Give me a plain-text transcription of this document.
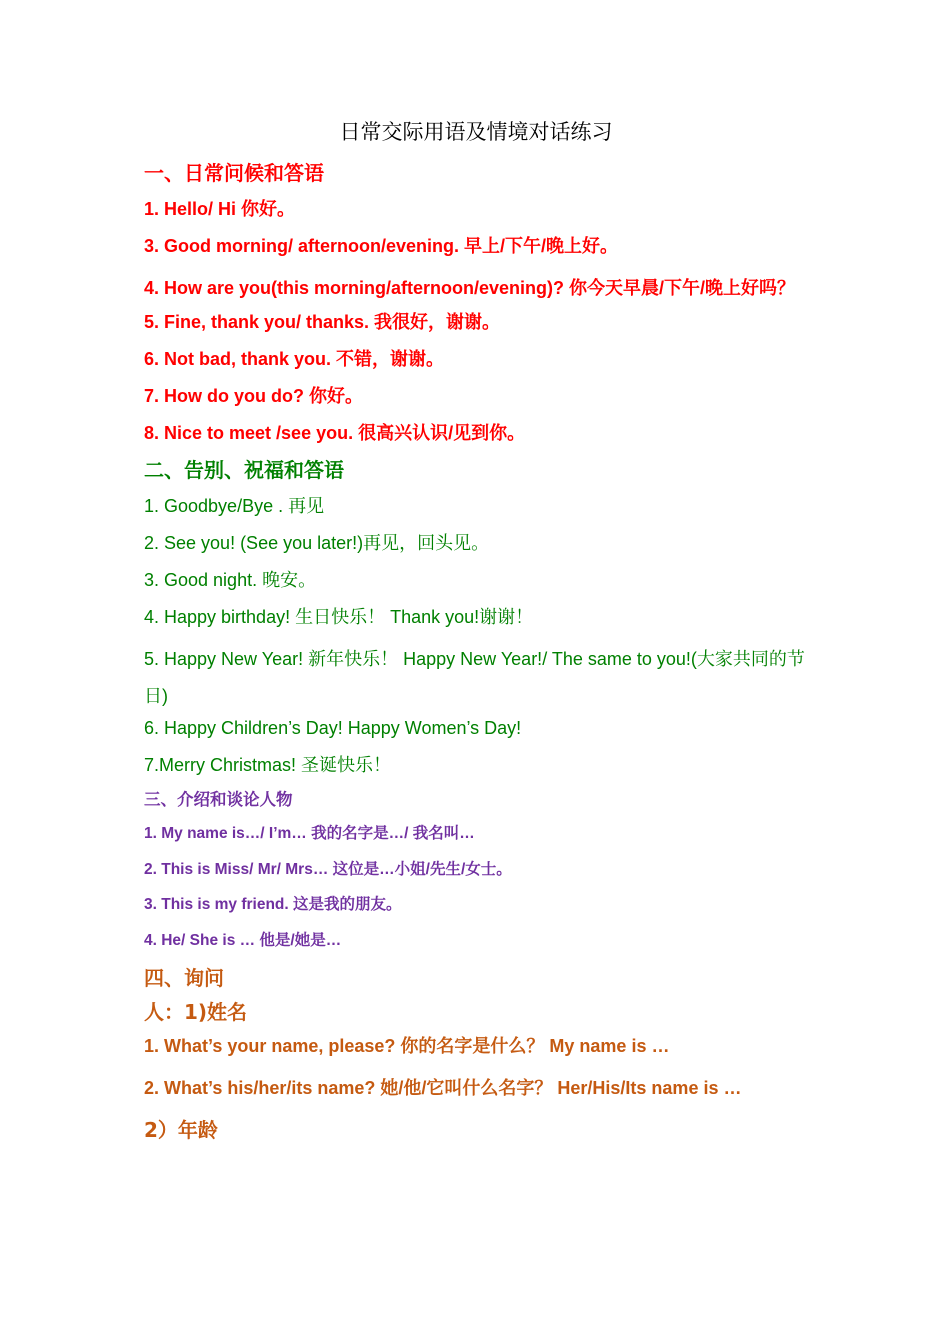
日常交际用语及情境对话练习
一、日常问候和答语
1. Hello/ Hi 你好。
3. Good morning/ afternoon/evening. 早上/下午/晚上好。
4. How are you(this morning/afternoon/evening)? 你今天早晨/下午/晚上好吗？
5. Fine, thank you/ thanks. 我很好，谢谢。
6. Not bad, thank you. 不错，谢谢。
7. How do you do? 你好。
8. Nice to meet /see you. 很高兴认识/见到你。
二、告别、祝福和答语
1. Goodbye/Bye . 再见
2. See you! (See you later!)再见，回头见。
3. Good night. 晚安。
4. Happy birthday! 生日快乐！ Thank you!谢谢！
5. Happy New Year! 新年快乐！ Happy New Year!/ The same to you!(大家共同的节日)
6. Happy Children’s Day! Happy Women’s Day!
7.Merry Christmas! 圣诞快乐！
三、介绍和谈论人物
1. My name is…/ I’m… 我的名字是…/ 我名叫…
2. This is Miss/ Mr/ Mrs… 这位是…小姐/先生/女士。
3. This is my friend. 这是我的朋友。
4. He/ She is … 他是/她是…
四、询问
人：1)姓名
1. What’s your name, please? 你的名字是什么？ My name is …
2. What’s his/her/its name? 她/他/它叫什么名字？ Her/His/Its name is …
2）年龄
